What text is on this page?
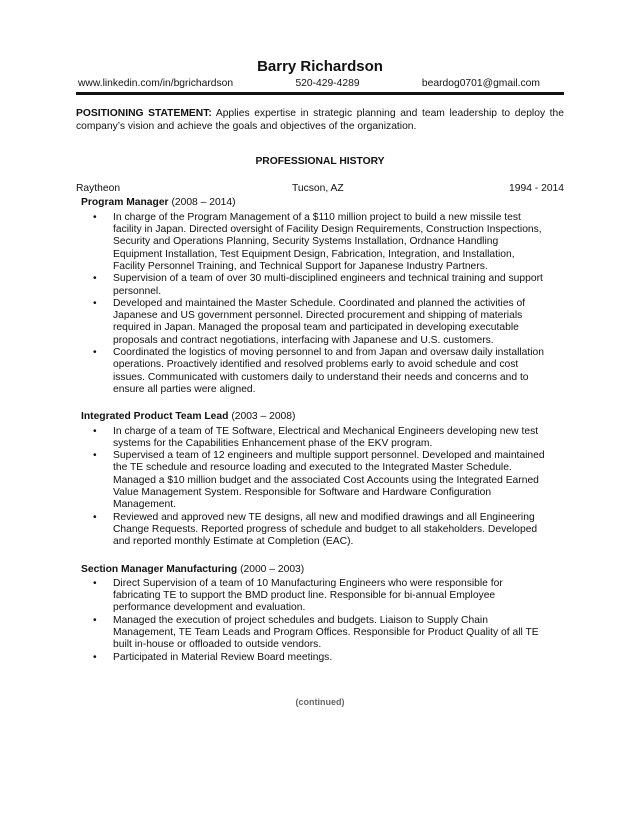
Barry Richardson
www.linkedin.com/in/bgrichardson	520-429-4289	beardog0701@gmail.com
POSITIONING STATEMENT: Applies expertise in strategic planning and team leadership to deploy the company’s vision and achieve the goals and objectives of the organization.
PROFESSIONAL HISTORY
Raytheon	Tucson, AZ	1994 - 2014
Program Manager (2008 – 2014)
• In charge of the Program Management of a $110 million project to build a new missile test facility in Japan. Directed oversight of Facility Design Requirements, Construction Inspections, Security and Operations Planning, Security Systems Installation, Ordnance Handling Equipment Installation, Test Equipment Design, Fabrication, Integration, and Installation, Facility Personnel Training, and Technical Support for Japanese Industry Partners.
• Supervision of a team of over 30 multi-disciplined engineers and technical training and support personnel.
• Developed and maintained the Master Schedule. Coordinated and planned the activities of Japanese and US government personnel. Directed procurement and shipping of materials required in Japan. Managed the proposal team and participated in developing executable proposals and contract negotiations, interfacing with Japanese and U.S. customers.
• Coordinated the logistics of moving personnel to and from Japan and oversaw daily installation operations. Proactively identified and resolved problems early to avoid schedule and cost issues. Communicated with customers daily to understand their needs and concerns and to ensure all parties were aligned.
Integrated Product Team Lead (2003 – 2008)
• In charge of a team of TE Software, Electrical and Mechanical Engineers developing new test systems for the Capabilities Enhancement phase of the EKV program.
• Supervised a team of 12 engineers and multiple support personnel. Developed and maintained the TE schedule and resource loading and executed to the Integrated Master Schedule. Managed a $10 million budget and the associated Cost Accounts using the Integrated Earned Value Management System. Responsible for Software and Hardware Configuration Management.
• Reviewed and approved new TE designs, all new and modified drawings and all Engineering Change Requests. Reported progress of schedule and budget to all stakeholders. Developed and reported monthly Estimate at Completion (EAC).
Section Manager Manufacturing (2000 – 2003)
• Direct Supervision of a team of 10 Manufacturing Engineers who were responsible for fabricating TE to support the BMD product line. Responsible for bi-annual Employee performance development and evaluation.
• Managed the execution of project schedules and budgets. Liaison to Supply Chain Management, TE Team Leads and Program Offices. Responsible for Product Quality of all TE built in-house or offloaded to outside vendors.
• Participated in Material Review Board meetings.
(continued)
